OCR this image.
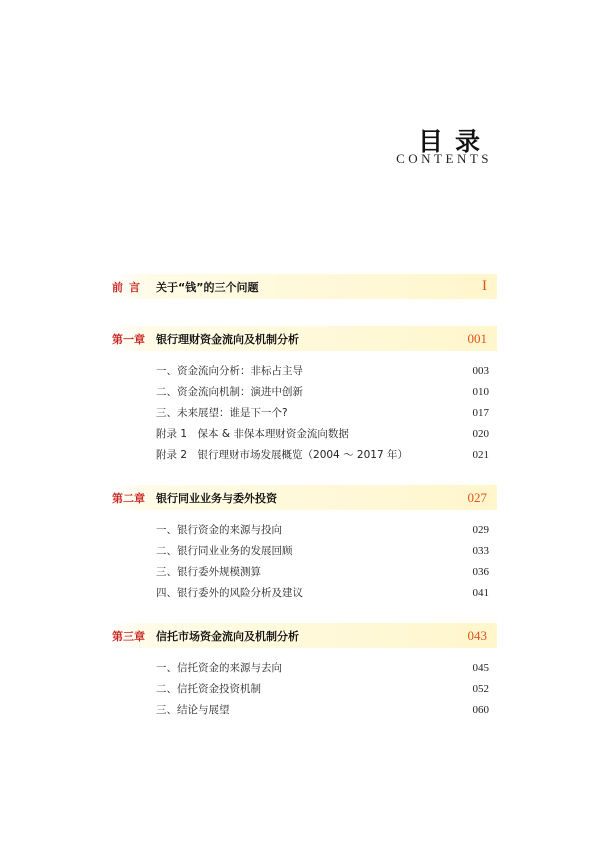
目录
CONTENTS
前言 关于“钱”的三个问题	I
第一章	银行理财资金流向及机制分析	001
一、资金流向分析：非标占主导	003
二、资金流向机制：演进中创新	010
三、未来展望：谁是下一个?	017
附录 1　保本 & 非保本理财资金流向数据	020
附录 2　银行理财市场发展概览（2004 ～ 2017 年）	021
第二章	银行同业业务与委外投资	027
一、银行资金的来源与投向	029
二、银行同业业务的发展回顾	033
三、银行委外规模测算	036
四、银行委外的风险分析及建议	041
第三章	信托市场资金流向及机制分析	043
一、信托资金的来源与去向	045
二、信托资金投资机制	052
三、结论与展望	060
